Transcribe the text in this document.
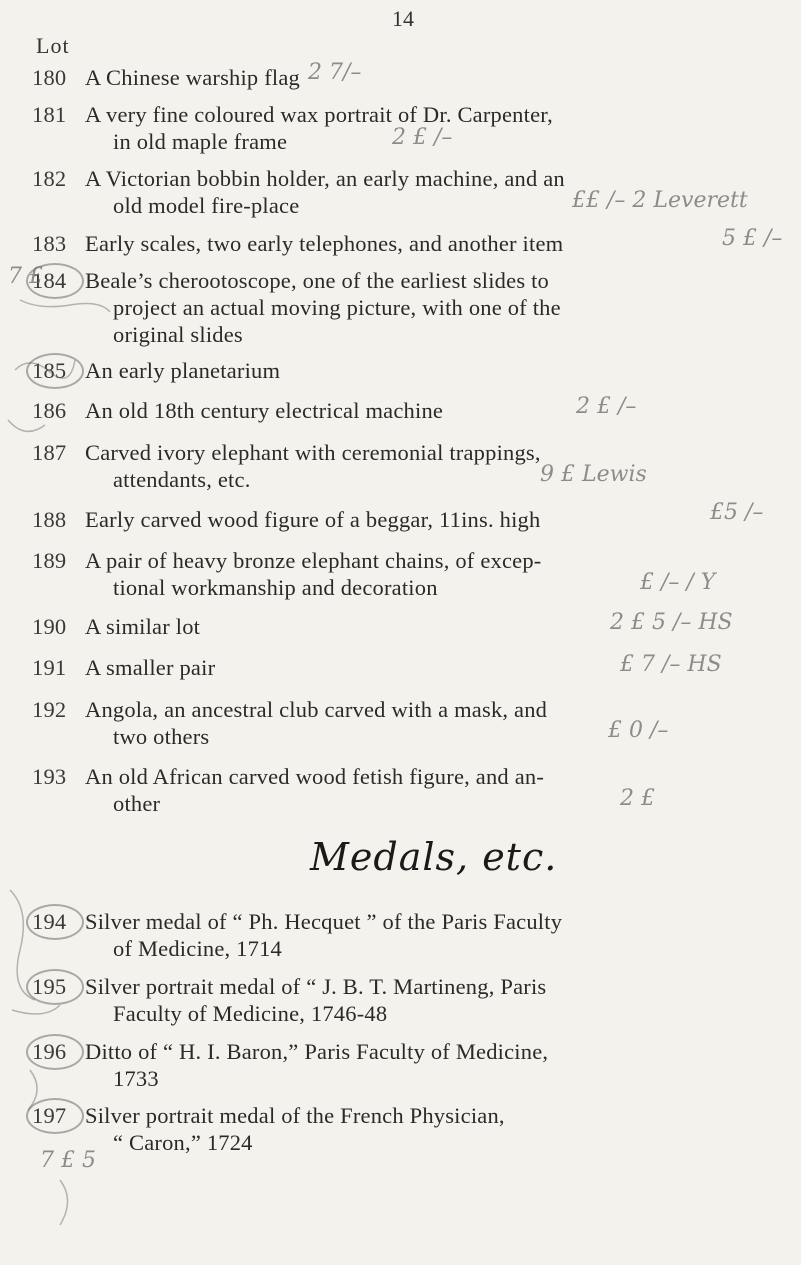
14
Lot
180 A Chinese warship flag
181 A very fine coloured wax portrait of Dr. Carpenter,
in old maple frame
182 A Victorian bobbin holder, an early machine, and an
old model fire-place
183 Early scales, two early telephones, and another item
184 Beale’s cherootoscope, one of the earliest slides to
project an actual moving picture, with one of the
original slides
185 An early planetarium
186 An old 18th century electrical machine
187 Carved ivory elephant with ceremonial trappings,
attendants, etc.
188 Early carved wood figure of a beggar, 11ins. high
189 A pair of heavy bronze elephant chains, of excep-
tional workmanship and decoration
190 A similar lot
191 A smaller pair
192 Angola, an ancestral club carved with a mask, and
two others
193 An old African carved wood fetish figure, and an-
other
Medals, etc.
194 Silver medal of “ Ph. Hecquet ” of the Paris Faculty
of Medicine, 1714
195 Silver portrait medal of “ J. B. T. Martineng, Paris
Faculty of Medicine, 1746-48
196 Ditto of “ H. I. Baron,” Paris Faculty of Medicine,
1733
197 Silver portrait medal of the French Physician,
“ Caron,” 1724
2 7/–
2 £ /–
££ /– 2 Leverett
5 £ /–
7 £
2 £ /–
9 £ Lewis
£5 /–
£ /– / Y
2 £ 5 /– HS
£ 7 /– HS
£ 0 /–
2 £
7 £ 5
